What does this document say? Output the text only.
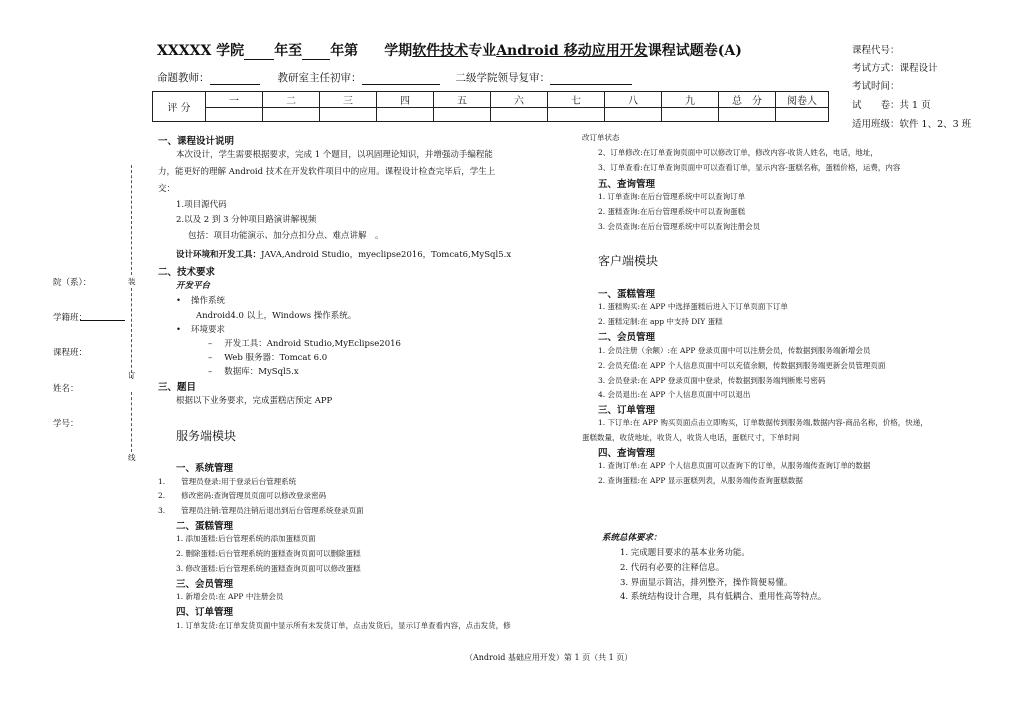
XXXXX 学院 年至 年第 学期软件技术专业Android 移动应用开发课程试题卷(A)
命题教师：	教研室主任初审：	二级学院领导复审：
课程代号：
考试方式：课程设计
考试时间：
试　　卷：共 1 页
适用班级：软件 1、2、3 班
评 分	一	二	三	四	五	六	七	八	九	总　分	阅卷人

装
订
线
院（系）：
学籍班：
课程班：
姓名：
学号：
一、课程设计说明
本次设计，学生需要根据要求，完成 1 个题目，以巩固理论知识，并增强动手编程能
力，能更好的理解 Android 技术在开发软件项目中的应用。课程设计检查完毕后，学生上
交：
1.项目源代码
2.以及 2 到 3 分钟项目路演讲解视频
包括：项目功能演示、加分点扣分点、难点讲解　。
设计环境和开发工具：JAVA,Android Studio，myeclipse2016，Tomcat6,MySql5.x
二、技术要求
开发平台
• 操作系统
Android4.0 以上，Windows 操作系统。
• 环境要求
– 开发工具：Android Studio,MyEclipse2016
– Web 服务器：Tomcat 6.0
– 数据库：MySql5.x
三、题目
根据以下业务要求，完成蛋糕店预定 APP
服务端模块
一、系统管理
1. 管理员登录:用于登录后台管理系统
2. 修改密码:查询管理员页面可以修改登录密码
3. 管理员注销:管理员注销后退出到后台管理系统登录页面
二、蛋糕管理
1. 添加蛋糕:后台管理系统的添加蛋糕页面
2. 删除蛋糕:后台管理系统的蛋糕查询页面可以删除蛋糕
3. 修改蛋糕:后台管理系统的蛋糕查询页面可以修改蛋糕
三、会员管理
1. 新增会员:在 APP 中注册会员
四、订单管理
1. 订单发货:在订单发货页面中显示所有未发货订单，点击发货后，显示订单查看内容，点击发货，修
改订单状态
2、订单修改:在订单查询页面中可以修改订单，修改内容-收货人姓名，电话，地址，
3、订单查看:在订单查询页面中可以查看订单，显示内容-蛋糕名称，蛋糕价格，运费，内容
五、查询管理
1. 订单查询:在后台管理系统中可以查询订单
2. 蛋糕查询:在后台管理系统中可以查询蛋糕
3. 会员查询:在后台管理系统中可以查询注册会员
客户端模块
一、蛋糕管理
1. 蛋糕购买:在 APP 中选择蛋糕后进入下订单页面下订单
2. 蛋糕定制:在 app 中支持 DIY 蛋糕
二、会员管理
1. 会员注册（余额）:在 APP 登录页面中可以注册会员，传数据到服务端新增会员
2. 会员充值:在 APP 个人信息页面中可以充值余额，传数据到服务端更新会员管理页面
3. 会员登录:在 APP 登录页面中登录，传数据到服务端判断账号密码
4. 会员退出:在 APP 个人信息页面中可以退出
三、订单管理
1. 下订单:在 APP 购买页面点击立即购买，订单数据传到服务端,数据内容-商品名称，价格，快递，
蛋糕数量，收货地址，收货人，收货人电话，蛋糕尺寸，下单时间
四、查询管理
1. 查询订单:在 APP 个人信息页面可以查询下的订单，从服务端传查询订单的数据
2. 查询蛋糕:在 APP 显示蛋糕列表，从服务端传查询蛋糕数据
系统总体要求：
1. 完成题目要求的基本业务功能。
2. 代码有必要的注释信息。
3. 界面显示简洁，排列整齐，操作简便易懂。
4. 系统结构设计合理，具有低耦合、重用性高等特点。
（Android 基础应用开发）第 1 页（共 1 页）
